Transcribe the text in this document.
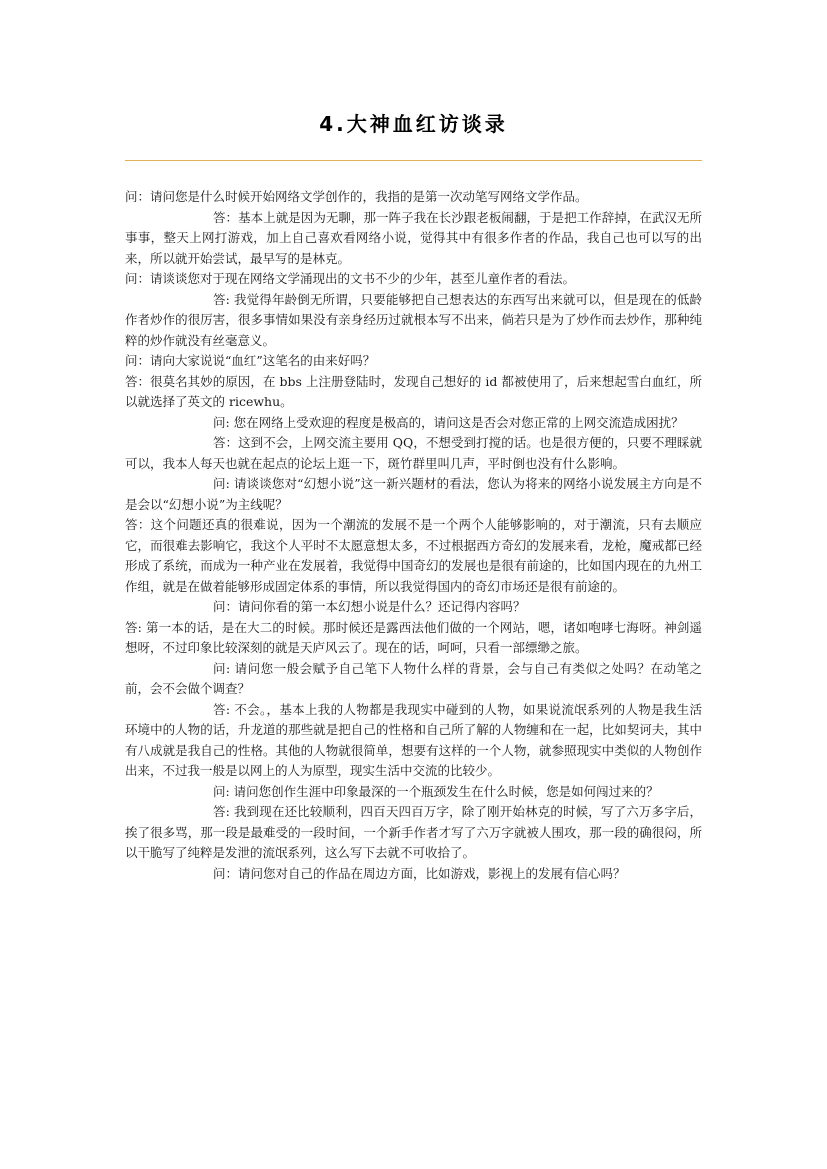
4.大神血红访谈录

问：请问您是什么时候开始网络文学创作的，我指的是第一次动笔写网络文学作品。

答：基本上就是因为无聊，那一阵子我在长沙跟老板闹翻，于是把工作辞掉，在武汉无所事事，整天上网打游戏，加上自己喜欢看网络小说，觉得其中有很多作者的作品，我自己也可以写的出来，所以就开始尝试，最早写的是林克。

问：请谈谈您对于现在网络文学涌现出的文书不少的少年，甚至儿童作者的看法。

答: 我觉得年龄倒无所谓，只要能够把自己想表达的东西写出来就可以，但是现在的低龄作者炒作的很厉害，很多事情如果没有亲身经历过就根本写不出来，倘若只是为了炒作而去炒作，那种纯粹的炒作就没有丝毫意义。

问：请向大家说说“血红”这笔名的由来好吗？

答：很莫名其妙的原因，在 bbs 上注册登陆时，发现自己想好的 id 都被使用了，后来想起雪白血红，所以就选择了英文的 ricewhu。

问: 您在网络上受欢迎的程度是极高的，请问这是否会对您正常的上网交流造成困扰？

答：这到不会，上网交流主要用 QQ，不想受到打搅的话。也是很方便的，只要不理睬就可以，我本人每天也就在起点的论坛上逛一下，斑竹群里叫几声，平时倒也没有什么影响。

问: 请谈谈您对“幻想小说”这一新兴题材的看法，您认为将来的网络小说发展主方向是不是会以“幻想小说”为主线呢？

答：这个问题还真的很难说，因为一个潮流的发展不是一个两个人能够影响的，对于潮流，只有去顺应它，而很难去影响它，我这个人平时不太愿意想太多，不过根据西方奇幻的发展来看，龙枪，魔戒都已经形成了系统，而成为一种产业在发展着，我觉得中国奇幻的发展也是很有前途的，比如国内现在的九州工作组，就是在做着能够形成固定体系的事情，所以我觉得国内的奇幻市场还是很有前途的。

问：请问你看的第一本幻想小说是什么？还记得内容吗？

答: 第一本的话，是在大二的时候。那时候还是露西法他们做的一个网站，嗯，诸如咆哮七海呀。神剑遥想呀，不过印象比较深刻的就是天庐风云了。现在的话，呵呵，只看一部缥缈之旅。

问: 请问您一般会赋予自己笔下人物什么样的背景，会与自己有类似之处吗？在动笔之前，会不会做个调查？

答: 不会。，基本上我的人物都是我现实中碰到的人物，如果说流氓系列的人物是我生活环境中的人物的话，升龙道的那些就是把自己的性格和自己所了解的人物缠和在一起，比如契诃夫，其中有八成就是我自己的性格。其他的人物就很简单，想要有这样的一个人物，就参照现实中类似的人物创作出来，不过我一般是以网上的人为原型，现实生活中交流的比较少。

问: 请问您创作生涯中印象最深的一个瓶颈发生在什么时候，您是如何闯过来的？

答: 我到现在还比较顺利，四百天四百万字，除了刚开始林克的时候，写了六万多字后，挨了很多骂，那一段是最难受的一段时间，一个新手作者才写了六万字就被人围攻，那一段的确很闷，所以干脆写了纯粹是发泄的流氓系列，这么写下去就不可收拾了。

问：请问您对自己的作品在周边方面，比如游戏，影视上的发展有信心吗？
